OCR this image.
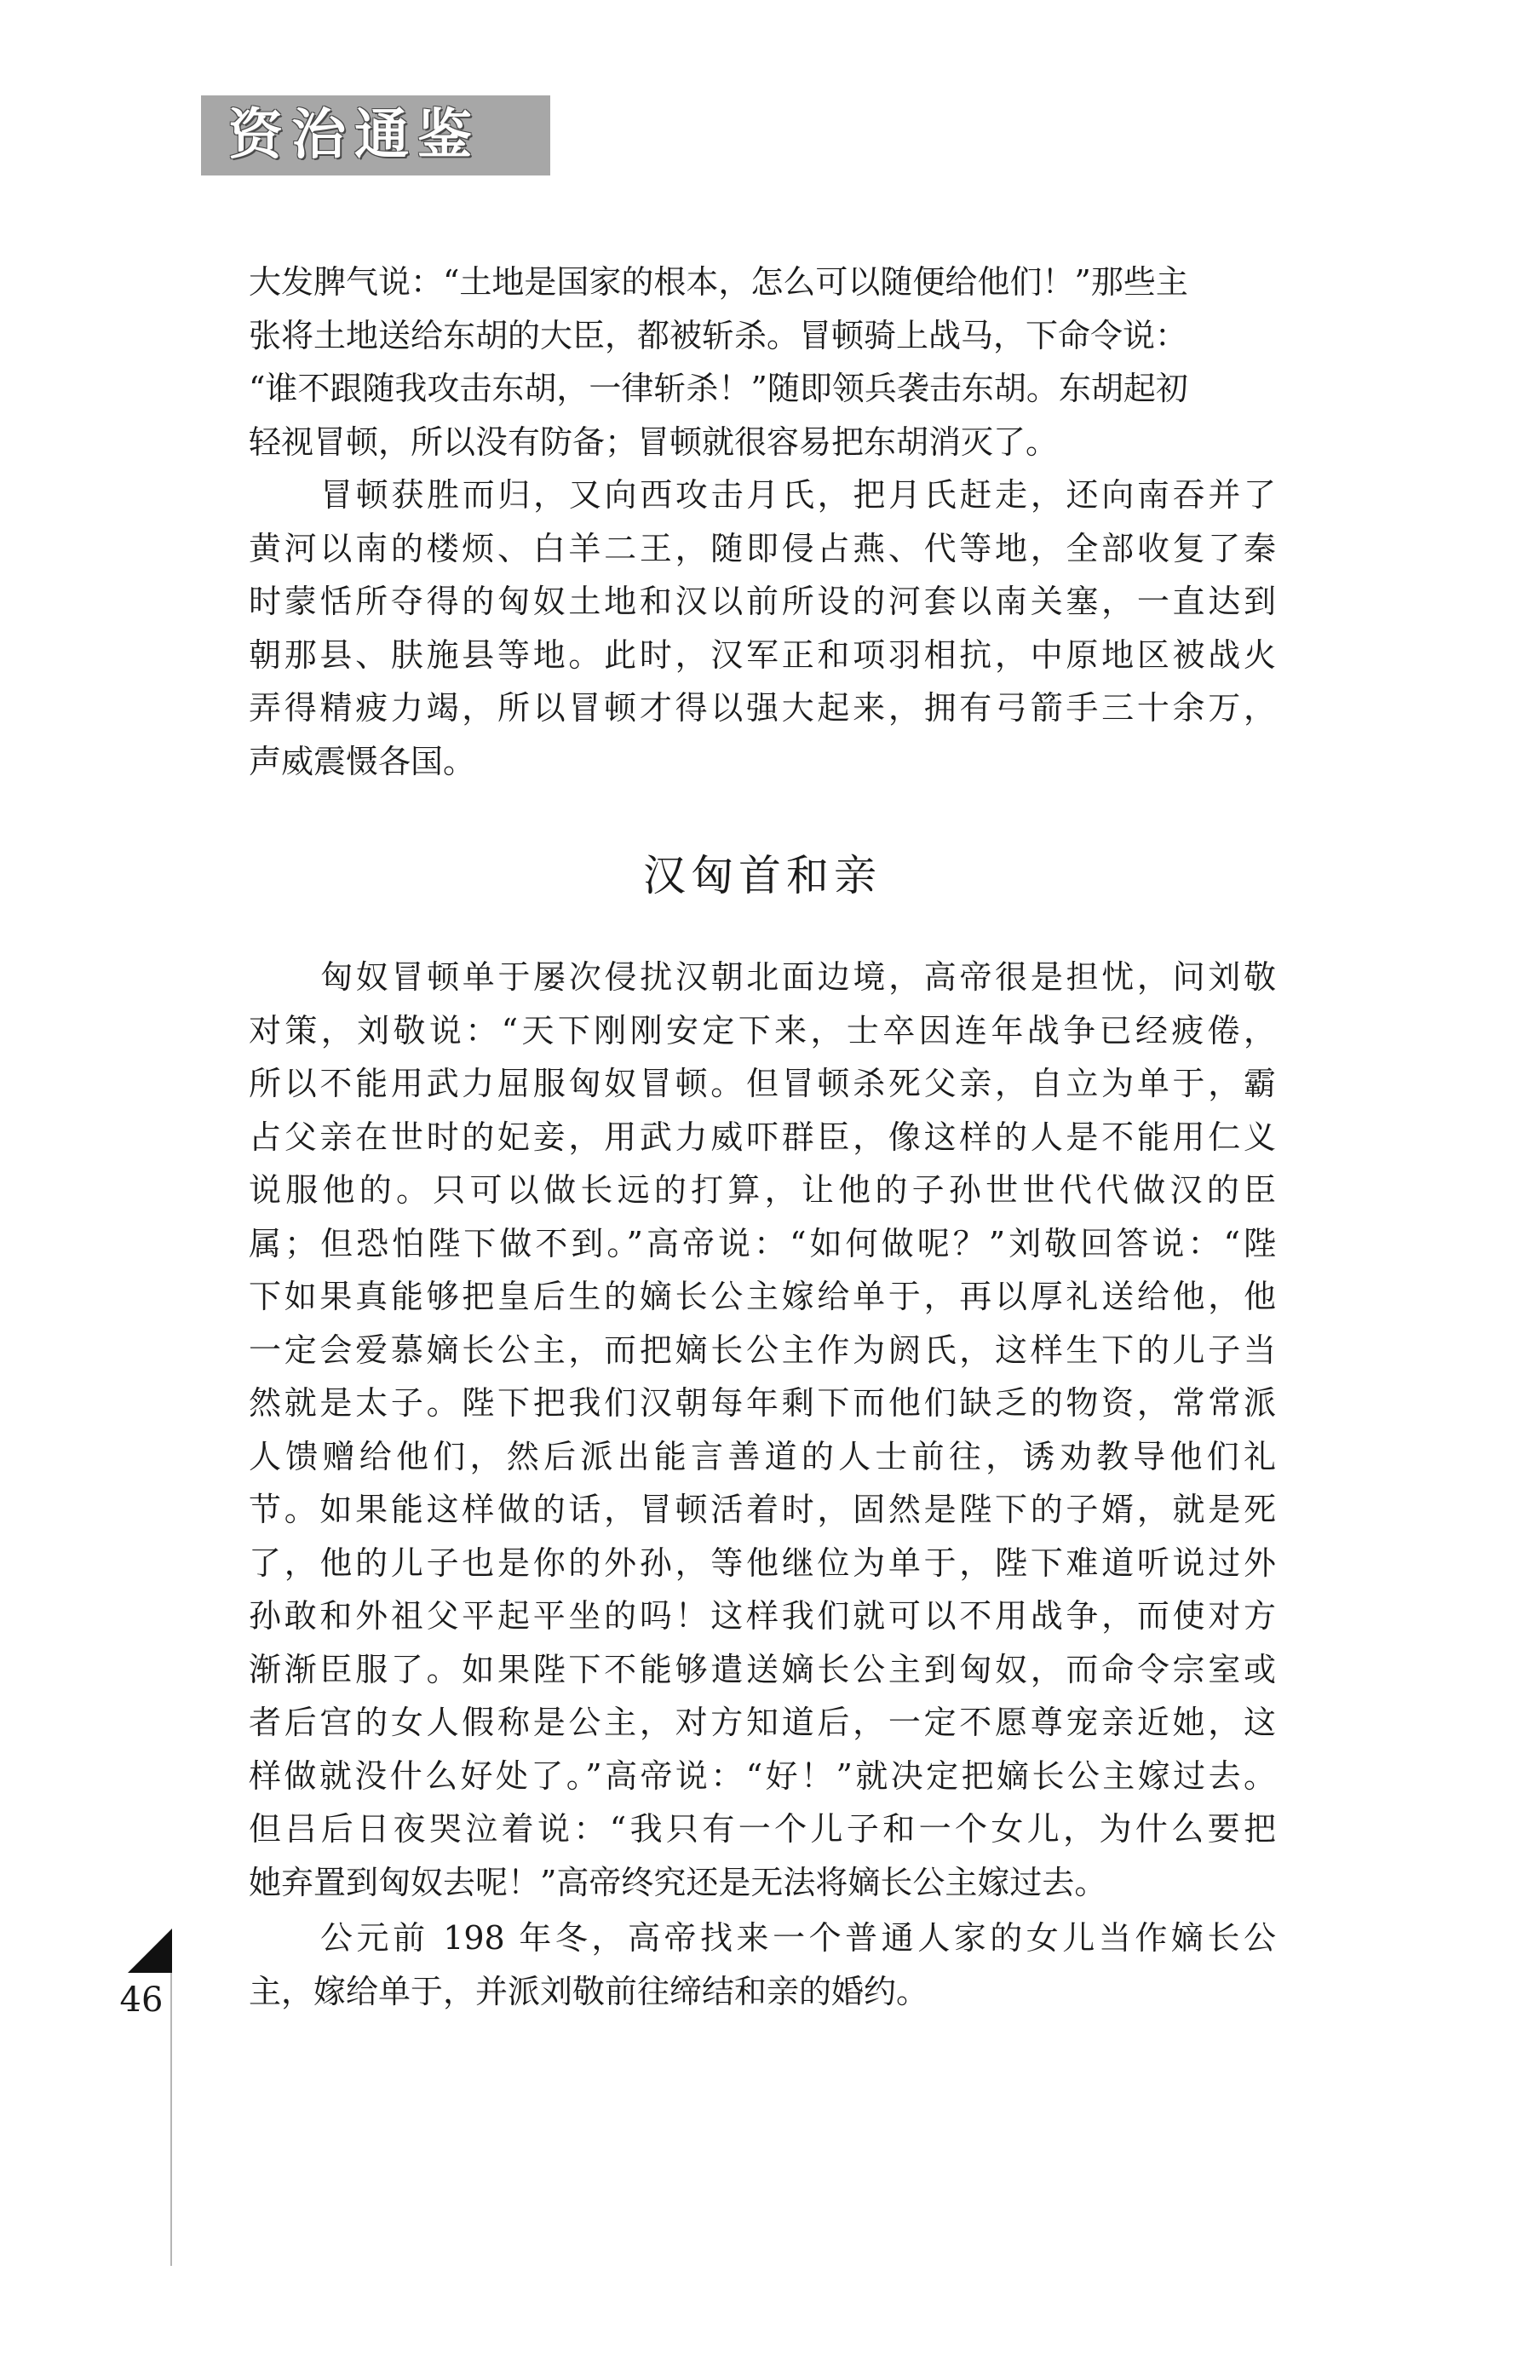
资治通鉴

大发脾气说：“土地是国家的根本，怎么可以随便给他们！”那些主

张将土地送给东胡的大臣，都被斩杀。冒顿骑上战马，下命令说：

“谁不跟随我攻击东胡，一律斩杀！”随即领兵袭击东胡。东胡起初

轻视冒顿，所以没有防备；冒顿就很容易把东胡消灭了。

冒顿获胜而归，又向西攻击月氏，把月氏赶走，还向南吞并了

黄河以南的楼烦、白羊二王，随即侵占燕、代等地，全部收复了秦

时蒙恬所夺得的匈奴土地和汉以前所设的河套以南关塞，一直达到

朝那县、肤施县等地。此时，汉军正和项羽相抗，中原地区被战火

弄得精疲力竭，所以冒顿才得以强大起来，拥有弓箭手三十余万，

声威震慑各国。

汉匈首和亲

匈奴冒顿单于屡次侵扰汉朝北面边境，高帝很是担忧，问刘敬

对策，刘敬说：“天下刚刚安定下来，士卒因连年战争已经疲倦，

所以不能用武力屈服匈奴冒顿。但冒顿杀死父亲，自立为单于，霸

占父亲在世时的妃妾，用武力威吓群臣，像这样的人是不能用仁义

说服他的。只可以做长远的打算，让他的子孙世世代代做汉的臣

属；但恐怕陛下做不到。”高帝说：“如何做呢？”刘敬回答说：“陛

下如果真能够把皇后生的嫡长公主嫁给单于，再以厚礼送给他，他

一定会爱慕嫡长公主，而把嫡长公主作为阏氏，这样生下的儿子当

然就是太子。陛下把我们汉朝每年剩下而他们缺乏的物资，常常派

人馈赠给他们，然后派出能言善道的人士前往，诱劝教导他们礼

节。如果能这样做的话，冒顿活着时，固然是陛下的子婿，就是死

了，他的儿子也是你的外孙，等他继位为单于，陛下难道听说过外

孙敢和外祖父平起平坐的吗！这样我们就可以不用战争，而使对方

渐渐臣服了。如果陛下不能够遣送嫡长公主到匈奴，而命令宗室或

者后宫的女人假称是公主，对方知道后，一定不愿尊宠亲近她，这

样做就没什么好处了。”高帝说：“好！”就决定把嫡长公主嫁过去。

但吕后日夜哭泣着说：“我只有一个儿子和一个女儿，为什么要把

她弃置到匈奴去呢！”高帝终究还是无法将嫡长公主嫁过去。

公元前 198 年冬，高帝找来一个普通人家的女儿当作嫡长公

主，嫁给单于，并派刘敬前往缔结和亲的婚约。

46
